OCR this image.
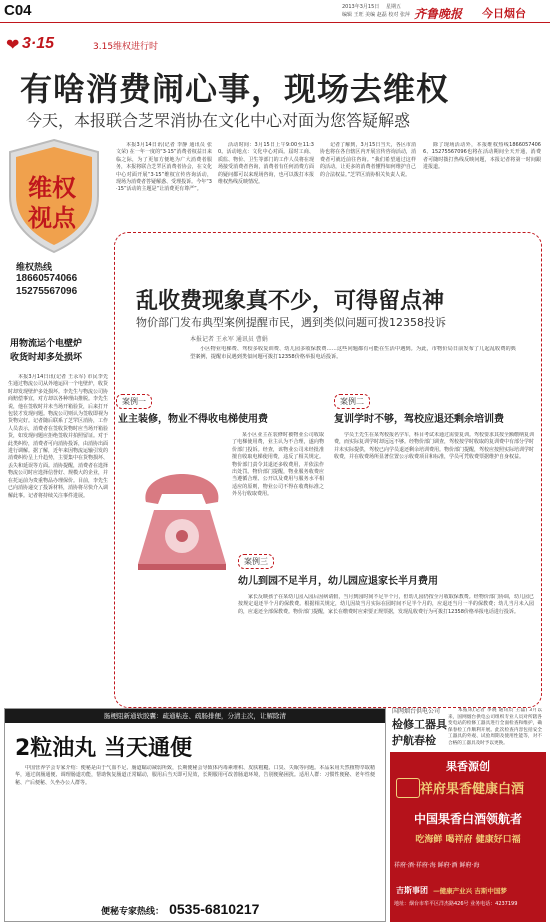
C04	2013年3月15日 星期五
编辑 王旺 美编 赵磊 校对 张萍 齐鲁晚报 今日烟台
❤ 3·15	3.15维权进行时
有啥消费闹心事，现场去维权
今天，本报联合芝罘消协在文化中心对面为您答疑解惑
维权
视点
维权热线
18660574066
15275567096

本报3月14日讯(记者 李静 通讯员 张文荣) 在一年一度的“3·15”消费者权益日来临之际，为了更加方便地为广大消费者服务，本报将联合芝罘区消费者协会，在文化中心对面开展“3·15”维权宣传咨询活动，现场为消费者答疑解惑、受理投诉。今年“3·15”活动的主题是“让消费更有尊严”。

活动时间：3月15日上午9:00至11:30。活动地点：文化中心对面。届时工商、质监、物价、卫生等部门的工作人员将在现场接受消费者咨询，消费者有任何消费方面的疑问都可以来现场咨询，也可以拨打本报维权热线反映情况。

记者了解到，3月15日当天，各区市消协也将在各自辖区内开展宣传咨询活动，消费者可就近前往咨询。“我们希望通过这样的活动，让更多的消费者懂得如何维护自己的合法权益。”芝罘区消协相关负责人说。

除了现场活动外，本报维权热线18660574066、15275567096也将在活动期间全天开通，消费者可随时拨打热线反映问题，本报记者将第一时间跟进报道。

用物流运个电壁炉
收货时却多处损坏

本报3月14日讯(记者 王永军) 市民李先生通过物流公司从外地运回一个电壁炉，收货时却发现壁炉多处损坏。李先生与物流公司协商赔偿事宜，对方却以各种理由推脱。李先生说，他在签收时并未当场开箱验货，后来打开包装才发现问题。物流公司则认为签收即视为货物完好。记者随后联系了芝罘区消协，工作人员表示，消费者在签收货物时应当场开箱验货，如发现问题应拒绝签收并拍照留证。对于此类纠纷，消费者可向消协投诉，由消协出面进行调解。据了解，近年来因物流运输引发的消费纠纷呈上升趋势，主要集中在货物损坏、丢失和延误等方面。消协提醒，消费者在选择物流公司时应选择信誉好、规模大的企业，并在托运前为贵重物品办理保价。目前，李先生已向消协递交了投诉材料，消协将尽快介入调解此事。记者将持续关注事件进展。

乱收费现象真不少，可得留点神
物价部门发布典型案例提醒市民，遇到类似问题可拨12358投诉
本报记者 王永军 通讯员 曹娟

小区物业电梯费、驾校多收复训费、幼儿园多收保教费……这些问题都有可能在生活中遇到。为此，市物价局日前发布了几起乱收费的典型案例，提醒市民遇到类似问题可拨打12358价格举报电话投诉。

案例一
业主装修，物业不得收电梯使用费

某小区业主在装修时被物业公司收取了电梯使用费，业主认为不合理，遂向物价部门投诉。经查，该物业公司未经批准擅自收取电梯使用费，违反了相关规定。物价部门责令其退还多收费用，并依法作出处罚。物价部门提醒，物业服务收费应当遵循合理、公开以及费用与服务水平相适应的原则，物业公司不得在收费标准之外另行收取费用。

案例二
复训学时不够，驾校应退还剩余培训费

学员王先生在某驾校报名学车，科目考试未通过需要复训。驾校要求其按全额缴纳复训费，而实际复训学时却远远不够。经物价部门调查，驾校按学时收取的复训费中有部分学时并未实际提供，驾校已向学员退还剩余培训费用。物价部门提醒，驾校应按照实际培训学时收费，并在收费场所显著位置公示收费项目和标准，学员可凭收费票据维护自身权益。

案例三
幼儿到园不足半月，幼儿园应退家长半月费用

家长反映孩子在某幼儿园入园后因病请假，当月到园时间不足半个月，但幼儿园仍按全月收取保教费。经物价部门协调，幼儿园已按规定退还半个月的保教费。根据相关规定，幼儿因故当月实际在园时间不足半个月的，应退还当月一半的保教费；幼儿当月未入园的，应退还全部保教费。物价部门提醒，家长在缴费时应索要正规票据，发现乱收费行为可拨打12358价格举报电话进行投诉。

国网烟台供电公司
检修工器具
护航春检

本报讯(记者 李晓 通讯员 王磊) 3月以来，国网烟台供电公司组织专业人员对所辖各变电站的检修工器具进行全面检查和维护，确保春检工作顺利开展。此次检查内容包括安全工器具的外观、试验周期及使用性能等，对不合格的工器具及时予以更换。

肠梗阻新通软胶囊：疏通粘连、疏肠排便，分清主次，让解除清
2粒油丸 当天通便

中国营养学会专家介绍：便秘是由于气血不足、肠道蠕动减弱所致，长期便秘会导致体内毒素堆积、皮肤粗糙、口臭、失眠等问题。本品采用天然植物萃取精华，通过润肠通便、调理肠道功能，帮助恢复肠道正常蠕动，服用后当天即可见效，长期服用可改善肠道环境，告别便秘困扰。适用人群：习惯性便秘、老年性便秘、产后便秘、久坐办公人群等。

便秘专家热线： 0535-6810217
果香源创
祥府果香健康白酒
中国果香白酒领航者
吃海鲜 喝祥府 健康好口福
祥府·酒·祥府·海 鲜府·酒 鲜府·海
吉斯事团 —健康产业兴 吉斯中国梦
地址：烟台市牟平区洋杰路426号 业务电话：4237199
